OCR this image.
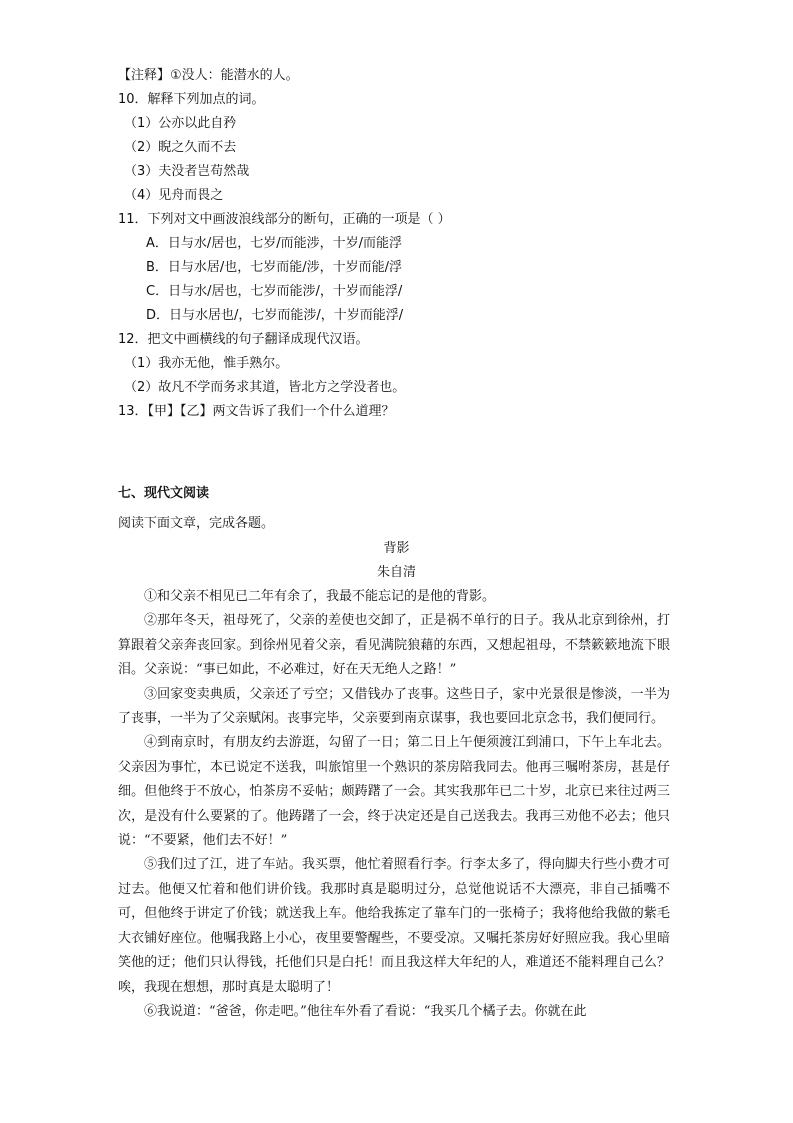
【注释】①没人：能潜水的人。
10．解释下列加点的词。
（1）公亦以此自矜
（2）睨之久而不去
（3）夫没者岂苟然哉
（4）见舟而畏之
11．下列对文中画波浪线部分的断句，正确的一项是（ ）
A．日与水/居也，七岁/而能涉，十岁/而能浮
B．日与水居/也，七岁而能/涉，十岁而能/浮
C．日与水/居也，七岁而能涉/，十岁而能浮/
D．日与水居也/，七岁而能涉/，十岁而能浮/
12．把文中画横线的句子翻译成现代汉语。
（1）我亦无他，惟手熟尔。
（2）故凡不学而务求其道，皆北方之学没者也。
13．【甲】【乙】两文告诉了我们一个什么道理？
七、现代文阅读
阅读下面文章，完成各题。
背影
朱自清

①和父亲不相见已二年有余了，我最不能忘记的是他的背影。

②那年冬天，祖母死了，父亲的差使也交卸了，正是祸不单行的日子。我从北京到徐州，打算跟着父亲奔丧回家。到徐州见着父亲，看见满院狼藉的东西，又想起祖母，不禁簌簌地流下眼泪。父亲说：“事已如此，不必难过，好在天无绝人之路！”

③回家变卖典质，父亲还了亏空；又借钱办了丧事。这些日子，家中光景很是惨淡，一半为了丧事，一半为了父亲赋闲。丧事完毕，父亲要到南京谋事，我也要回北京念书，我们便同行。

④到南京时，有朋友约去游逛，勾留了一日；第二日上午便须渡江到浦口，下午上车北去。父亲因为事忙，本已说定不送我，叫旅馆里一个熟识的茶房陪我同去。他再三嘱咐茶房，甚是仔细。但他终于不放心，怕茶房不妥帖；颇踌躇了一会。其实我那年已二十岁，北京已来往过两三次，是没有什么要紧的了。他踌躇了一会，终于决定还是自己送我去。我再三劝他不必去；他只说：“不要紧，他们去不好！”

⑤我们过了江，进了车站。我买票，他忙着照看行李。行李太多了，得向脚夫行些小费才可过去。他便又忙着和他们讲价钱。我那时真是聪明过分，总觉他说话不大漂亮，非自己插嘴不可，但他终于讲定了价钱；就送我上车。他给我拣定了靠车门的一张椅子；我将他给我做的紫毛大衣铺好座位。他嘱我路上小心，夜里要警醒些，不要受凉。又嘱托茶房好好照应我。我心里暗笑他的迂；他们只认得钱，托他们只是白托！而且我这样大年纪的人，难道还不能料理自己么？唉，我现在想想，那时真是太聪明了！

⑥我说道：“爸爸，你走吧。”他往车外看了看说：“我买几个橘子去。你就在此
